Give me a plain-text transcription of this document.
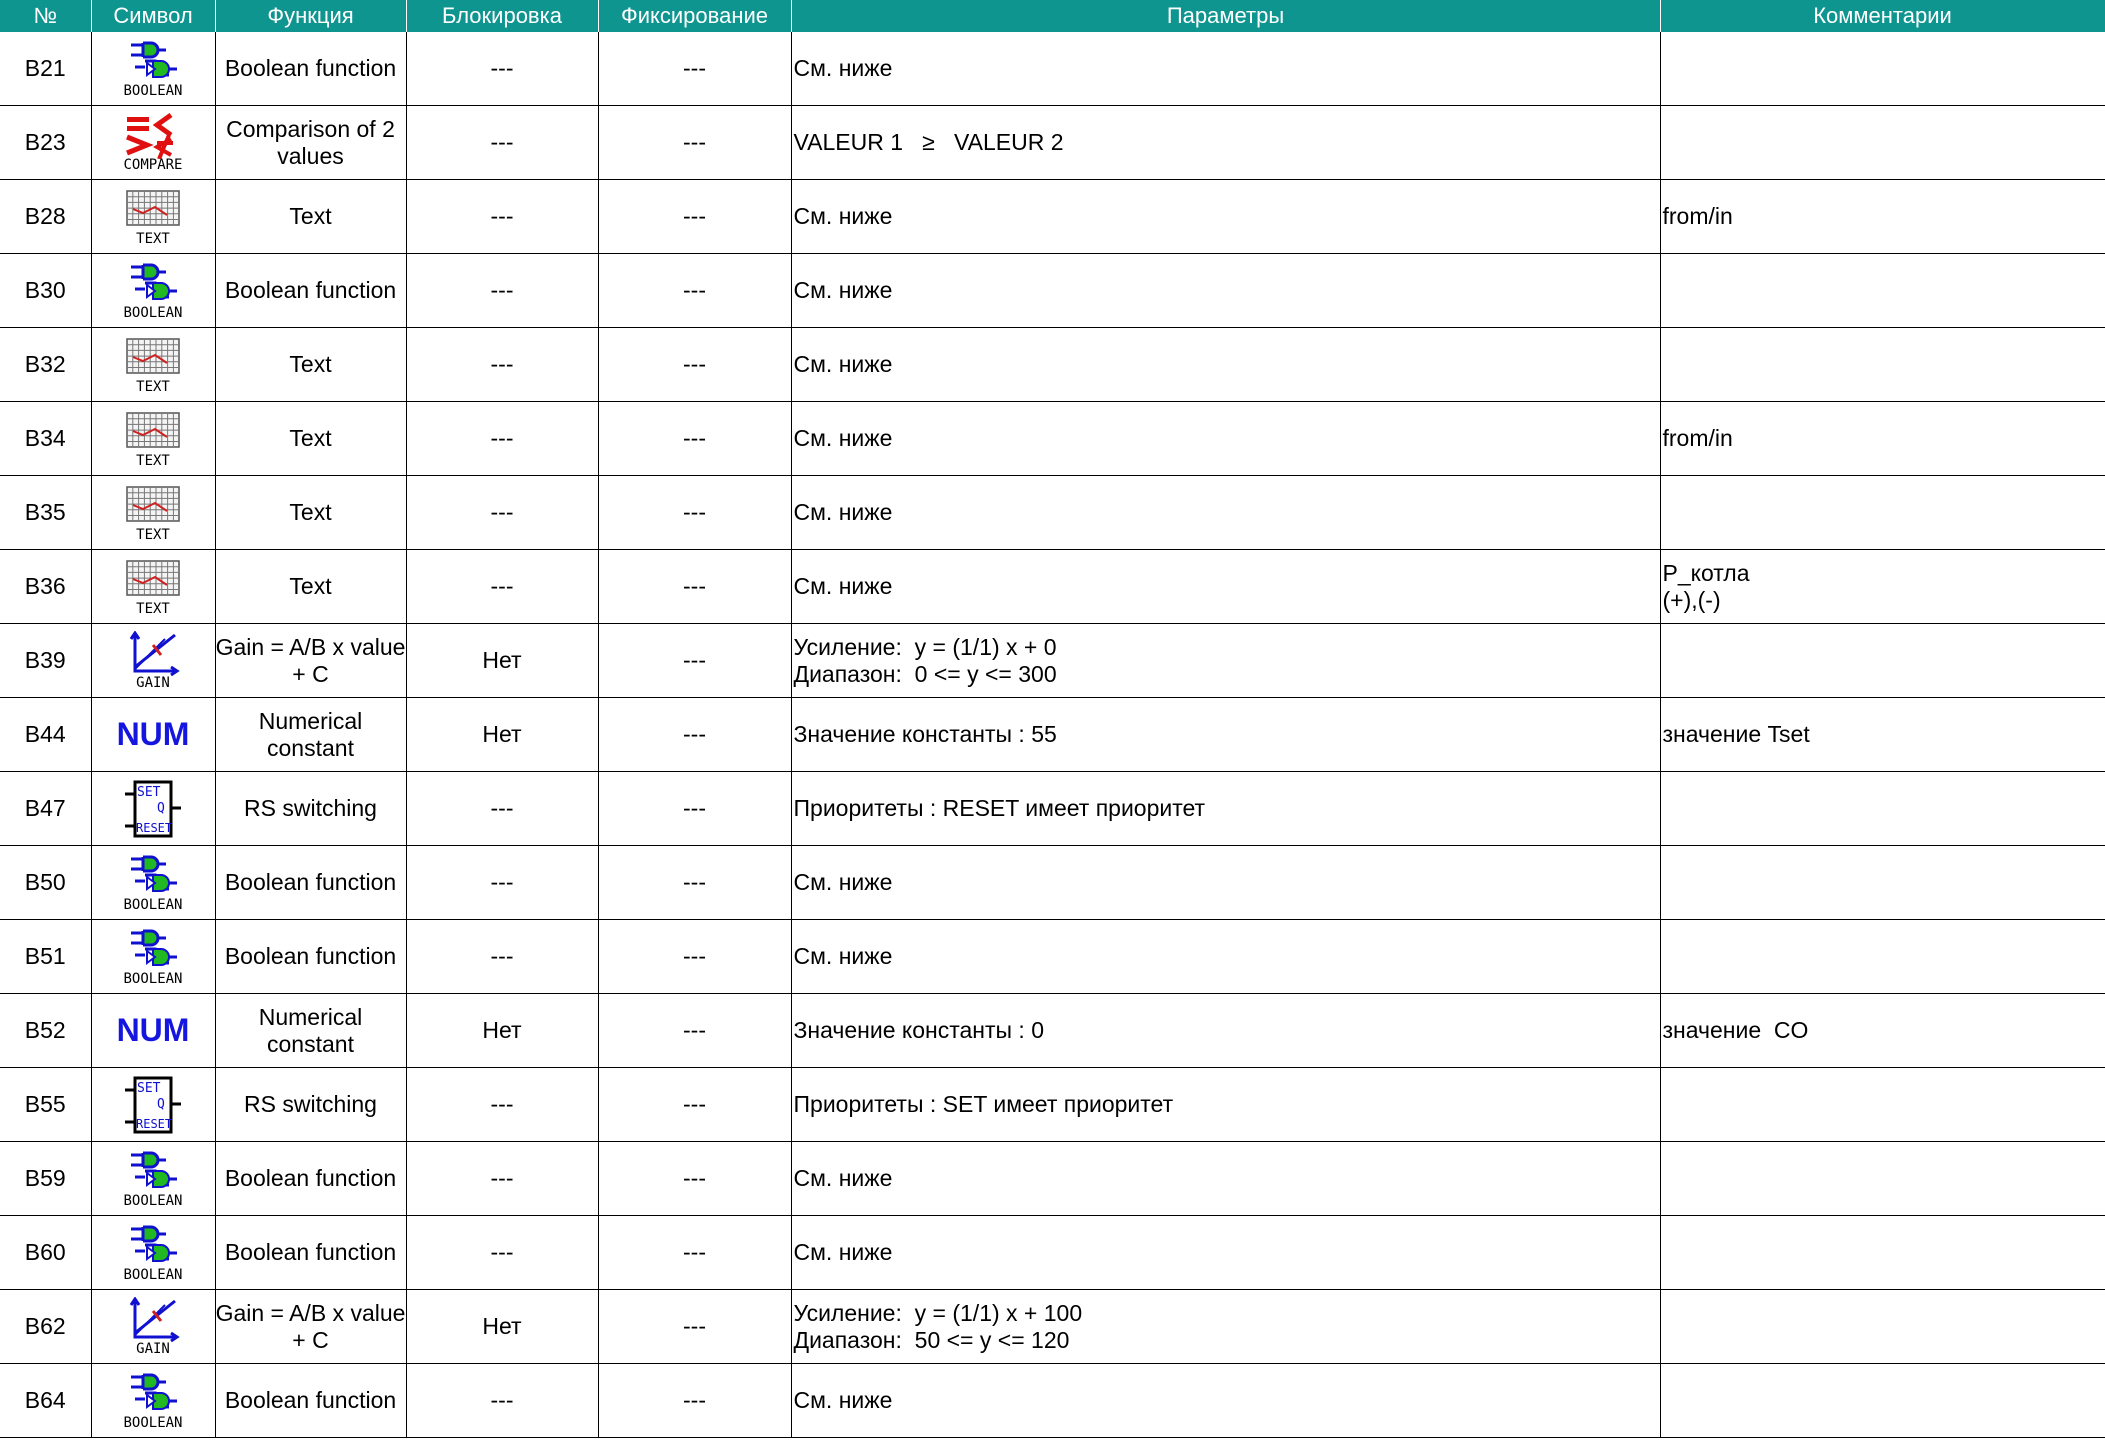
№	Символ	Функция	Блокировка	Фиксирование	Параметры	Комментарии
B21	BOOLEAN	Boolean function	---	---	См. ниже	

B23	COMPARE	Comparison of 2 values	---	---	VALEUR 1   ≥   VALEUR 2	

B28	TEXT	Text	---	---	См. ниже	from/in

B30	BOOLEAN	Boolean function	---	---	См. ниже	

B32	TEXT	Text	---	---	См. ниже	

B34	TEXT	Text	---	---	См. ниже	from/in

B35	TEXT	Text	---	---	См. ниже	

B36	TEXT	Text	---	---	См. ниже	P_котла
(+),(-)

B39	GAIN	Gain = A/B x value + C	Нет	---	Усиление:  y = (1/1) x + 0
Диапазон:  0 <= y <= 300	

B44	NUM	Numerical constant	Нет	---	Значение константы : 55	значение Tset

B47	SET
Q
RESET	RS switching	---	---	Приоритеты : RESET имеет приоритет	

B50	BOOLEAN	Boolean function	---	---	См. ниже	

B51	BOOLEAN	Boolean function	---	---	См. ниже	

B52	NUM	Numerical constant	Нет	---	Значение константы : 0	значение  CO

B55	SET
Q
RESET	RS switching	---	---	Приоритеты : SET имеет приоритет	

B59	BOOLEAN	Boolean function	---	---	См. ниже	

B60	BOOLEAN	Boolean function	---	---	См. ниже	

B62	GAIN	Gain = A/B x value + C	Нет	---	Усиление:  y = (1/1) x + 100
Диапазон:  50 <= y <= 120	

B64	BOOLEAN	Boolean function	---	---	См. ниже	
